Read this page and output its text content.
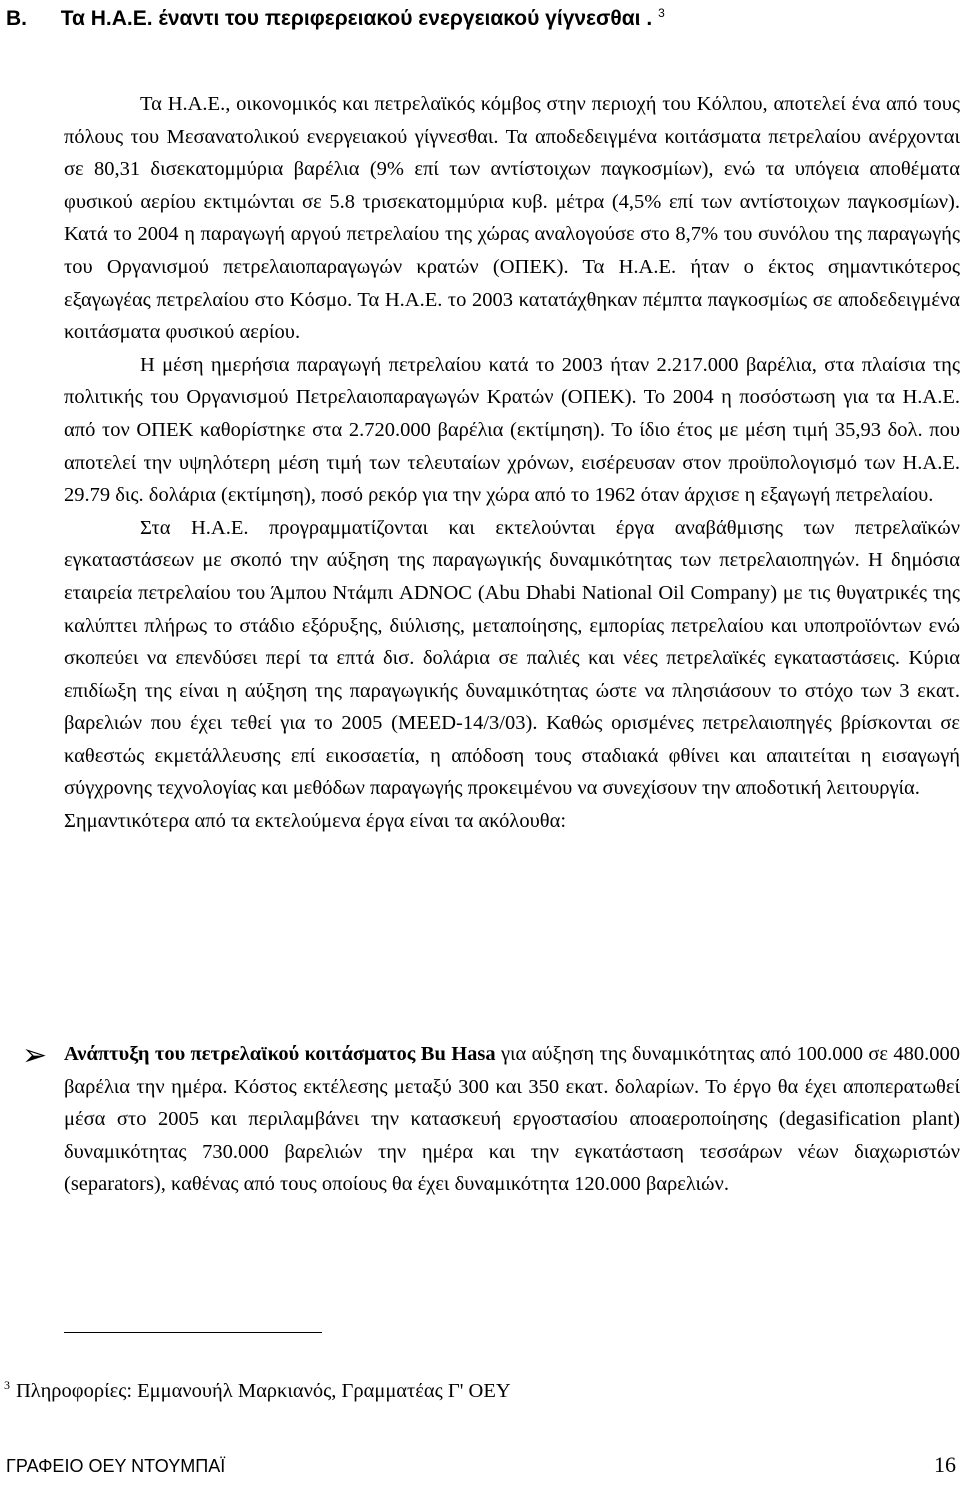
Β. Τα Η.Α.Ε. έναντι του περιφερειακού ενεργειακού γίγνεσθαι . $^3$

Τα Η.Α.Ε., οικονομικός και πετρελαϊκός κόμβος στην περιοχή του Κόλπου, αποτελεί ένα από τους πόλους του Μεσανατολικού ενεργειακού γίγνεσθαι. Τα αποδεδειγμένα κοιτάσματα πετρελαίου ανέρχονται σε 80,31 δισεκατομμύρια βαρέλια (9% επί των αντίστοιχων παγκοσμίων), ενώ τα υπόγεια αποθέματα φυσικού αερίου εκτιμώνται σε 5.8 τρισεκατομμύρια κυβ. μέτρα (4,5% επί των αντίστοιχων παγκοσμίων). Κατά το 2004 η παραγωγή αργού πετρελαίου της χώρας αναλογούσε στο 8,7% του συνόλου της παραγωγής του Οργανισμού πετρελαιοπαραγωγών κρατών (ΟΠΕΚ). Τα Η.Α.Ε. ήταν ο έκτος σημαντικότερος εξαγωγέας πετρελαίου στο Κόσμο. Τα Η.Α.Ε. το 2003 κατατάχθηκαν πέμπτα παγκοσμίως σε αποδεδειγμένα κοιτάσματα φυσικού αερίου.

Η μέση ημερήσια παραγωγή πετρελαίου κατά το 2003 ήταν 2.217.000 βαρέλια, στα πλαίσια της πολιτικής του Οργανισμού Πετρελαιοπαραγωγών Κρατών (ΟΠΕΚ). Το 2004 η ποσόστωση για τα Η.Α.Ε. από τον ΟΠΕΚ καθορίστηκε στα 2.720.000 βαρέλια (εκτίμηση). Το ίδιο έτος με μέση τιμή 35,93 δολ. που αποτελεί την υψηλότερη μέση τιμή των τελευταίων χρόνων, εισέρευσαν στον προϋπολογισμό των Η.Α.Ε. 29.79 δις. δολάρια (εκτίμηση), ποσό ρεκόρ για την χώρα από το 1962 όταν άρχισε η εξαγωγή πετρελαίου.

Στα Η.Α.Ε. προγραμματίζονται και εκτελούνται έργα αναβάθμισης των πετρελαϊκών εγκαταστάσεων με σκοπό την αύξηση της παραγωγικής δυναμικότητας των πετρελαιοπηγών. Η δημόσια εταιρεία πετρελαίου του Άμπου Ντάμπι ADNOC (Abu Dhabi National Oil Company) με τις θυγατρικές της καλύπτει πλήρως το στάδιο εξόρυξης, διύλισης, μεταποίησης, εμπορίας πετρελαίου και υποπροϊόντων ενώ σκοπεύει να επενδύσει περί τα επτά δισ. δολάρια σε παλιές και νέες πετρελαϊκές εγκαταστάσεις. Κύρια επιδίωξη της είναι η αύξηση της παραγωγικής δυναμικότητας ώστε να πλησιάσουν το στόχο των 3 εκατ. βαρελιών που έχει τεθεί για το 2005 (MEED-14/3/03). Καθώς ορισμένες πετρελαιοπηγές βρίσκονται σε καθεστώς εκμετάλλευσης επί εικοσαετία, η απόδοση τους σταδιακά φθίνει και απαιτείται η εισαγωγή σύγχρονης τεχνολογίας και μεθόδων παραγωγής προκειμένου να συνεχίσουν την αποδοτική λειτουργία.

Σημαντικότερα από τα εκτελούμενα έργα είναι τα ακόλουθα:

➢ Ανάπτυξη του πετρελαϊκού κοιτάσματος Bu Hasa για αύξηση της δυναμικότητας από 100.000 σε 480.000 βαρέλια την ημέρα. Κόστος εκτέλεσης μεταξύ 300 και 350 εκατ. δολαρίων. Το έργο θα έχει αποπερατωθεί μέσα στο 2005 και περιλαμβάνει την κατασκευή εργοστασίου αποαεροποίησης (degasification plant) δυναμικότητας 730.000 βαρελιών την ημέρα και την εγκατάσταση τεσσάρων νέων διαχωριστών (separators), καθένας από τους οποίους θα έχει δυναμικότητα 120.000 βαρελιών.
$^3$ Πληροφορίες: Εμμανουήλ Μαρκιανός, Γραμματέας Γ' ΟΕΥ
ΓΡΑΦΕΙΟ ΟΕΥ ΝΤΟΥΜΠΑΪ	16
